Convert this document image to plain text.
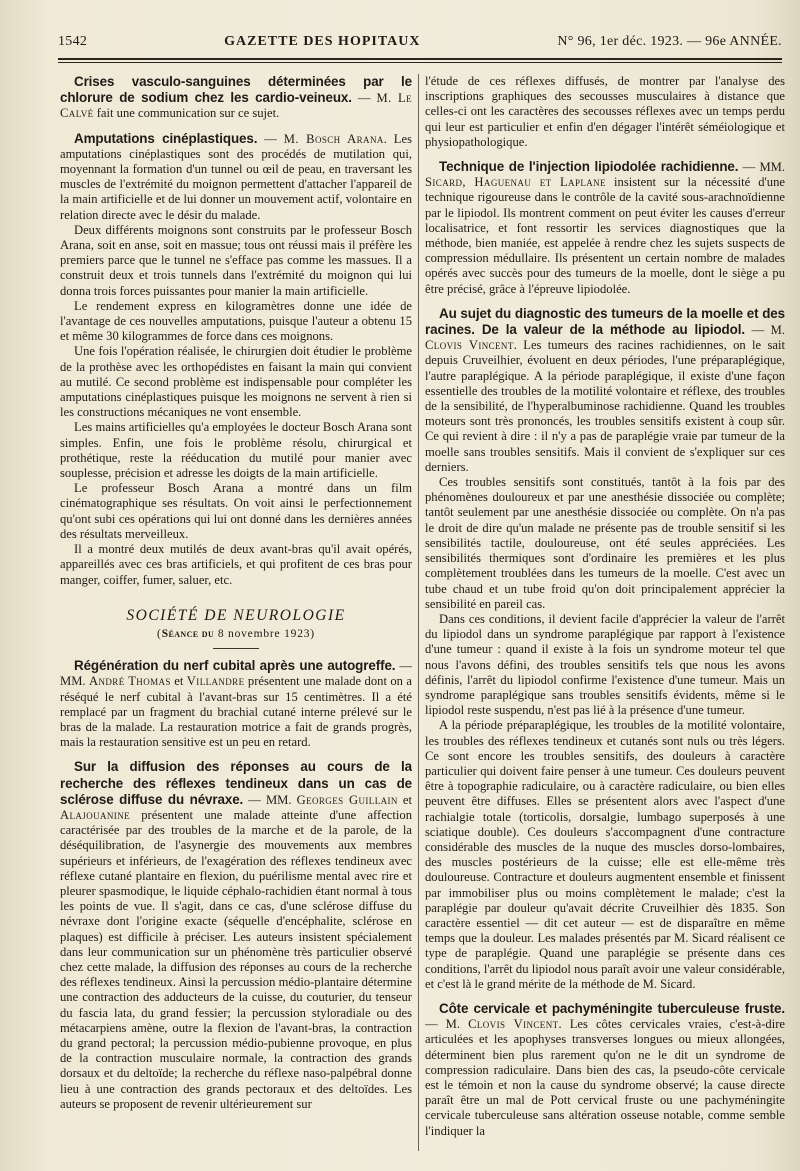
1542	GAZETTE DES HOPITAUX	N° 96, 1er déc. 1923. — 96e ANNÉE.

Crises vasculo-sanguines déterminées par le chlorure de sodium chez les cardio-veineux. — M. Le Calvé fait une communication sur ce sujet.

Amputations cinéplastiques. — M. Bosch Arana. Les amputations cinéplastiques sont des procédés de mutilation qui, moyennant la formation d'un tunnel ou œil de peau, en traversant les muscles de l'extrémité du moignon permettent d'attacher l'appareil de la main artificielle et de lui donner un mouvement actif, volontaire en relation directe avec le désir du malade.

Deux différents moignons sont construits par le professeur Bosch Arana, soit en anse, soit en massue; tous ont réussi mais il préfère les premiers parce que le tunnel ne s'efface pas comme les massues. Il a construit deux et trois tunnels dans l'extrémité du moignon qui lui donna trois forces puissantes pour manier la main artificielle.

Le rendement express en kilogramètres donne une idée de l'avantage de ces nouvelles amputations, puisque l'auteur a obtenu 15 et même 30 kilogrammes de force dans ces moignons.

Une fois l'opération réalisée, le chirurgien doit étudier le problème de la prothèse avec les orthopédistes en faisant la main qui convient au mutilé. Ce second problème est indispensable pour compléter les amputations cinéplastiques puisque les moignons ne servent à rien si les constructions mécaniques ne vont ensemble.

Les mains artificielles qu'a employées le docteur Bosch Arana sont simples. Enfin, une fois le problème résolu, chirurgical et prothétique, reste la rééducation du mutilé pour manier avec souplesse, précision et adresse les doigts de la main artificielle.

Le professeur Bosch Arana a montré dans un film cinématographique ses résultats. On voit ainsi le perfectionnement qu'ont subi ces opérations qui lui ont donné dans les dernières années des résultats merveilleux.

Il a montré deux mutilés de deux avant-bras qu'il avait opérés, appareillés avec ces bras artificiels, et qui profitent de ces bras pour manger, coiffer, fumer, saluer, etc.

SOCIÉTÉ DE NEUROLOGIE
(Séance du 8 novembre 1923)

Régénération du nerf cubital après une autogreffe. — MM. André Thomas et Villandre présentent une malade dont on a réséqué le nerf cubital à l'avant-bras sur 15 centimètres. Il a été remplacé par un fragment du brachial cutané interne prélevé sur le bras de la malade. La restauration motrice a fait de grands progrès, mais la restauration sensitive est un peu en retard.

Sur la diffusion des réponses au cours de la recherche des réflexes tendineux dans un cas de sclérose diffuse du névraxe. — MM. Georges Guillain et Alajouanine présentent une malade atteinte d'une affection caractérisée par des troubles de la marche et de la parole, de la déséquilibration, de l'asynergie des mouvements aux membres supérieurs et inférieurs, de l'exagération des réflexes tendineux avec réflexe cutané plantaire en flexion, du puérilisme mental avec rire et pleurer spasmodique, le liquide céphalo-rachidien étant normal à tous les points de vue. Il s'agit, dans ce cas, d'une sclérose diffuse du névraxe dont l'origine exacte (séquelle d'encéphalite, sclérose en plaques) est difficile à préciser. Les auteurs insistent spécialement dans leur communication sur un phénomène très particulier observé chez cette malade, la diffusion des réponses au cours de la recherche des réflexes tendineux. Ainsi la percussion médio-plantaire détermine une contraction des adducteurs de la cuisse, du couturier, du tenseur du fascia lata, du grand fessier; la percussion styloradiale ou des métacarpiens amène, outre la flexion de l'avant-bras, la contraction du grand pectoral; la percussion médio-pubienne provoque, en plus de la contraction musculaire normale, la contraction des grands dorsaux et du deltoïde; la recherche du réflexe naso-palpébral donne lieu à une contraction des grands pectoraux et des deltoïdes. Les auteurs se proposent de revenir ultérieurement sur

l'étude de ces réflexes diffusés, de montrer par l'analyse des inscriptions graphiques des secousses musculaires à distance que celles-ci ont les caractères des secousses réflexes avec un temps perdu qui leur est particulier et enfin d'en dégager l'intérêt séméiologique et physiopathologique.

Technique de l'injection lipiodolée rachidienne. — MM. Sicard, Haguenau et Laplane insistent sur la nécessité d'une technique rigoureuse dans le contrôle de la cavité sous-arachnoïdienne par le lipiodol. Ils montrent comment on peut éviter les causes d'erreur localisatrice, et font ressortir les services diagnostiques que la méthode, bien maniée, est appelée à rendre chez les sujets suspects de compression médullaire. Ils présentent un certain nombre de malades opérés avec succès pour des tumeurs de la moelle, dont le siège a pu être précisé, grâce à l'épreuve lipiodolée.

Au sujet du diagnostic des tumeurs de la moelle et des racines. De la valeur de la méthode au lipiodol. — M. Clovis Vincent. Les tumeurs des racines rachidiennes, on le sait depuis Cruveilhier, évoluent en deux périodes, l'une préparaplégique, l'autre paraplégique. A la période paraplégique, il existe d'une façon essentielle des troubles de la motilité volontaire et réflexe, des troubles de la sensibilité, de l'hyperalbuminose rachidienne. Quand les troubles moteurs sont très prononcés, les troubles sensitifs existent à coup sûr. Ce qui revient à dire : il n'y a pas de paraplégie vraie par tumeur de la moelle sans troubles sensitifs. Mais il convient de s'expliquer sur ces derniers.

Ces troubles sensitifs sont constitués, tantôt à la fois par des phénomènes douloureux et par une anesthésie dissociée ou complète; tantôt seulement par une anesthésie dissociée ou complète. On n'a pas le droit de dire qu'un malade ne présente pas de trouble sensitif si les sensibilités tactile, douloureuse, ont été seules appréciées. Les sensibilités thermiques sont d'ordinaire les premières et les plus complètement troublées dans les tumeurs de la moelle. C'est avec un tube chaud et un tube froid qu'on doit principalement apprécier la sensibilité en pareil cas.

Dans ces conditions, il devient facile d'apprécier la valeur de l'arrêt du lipiodol dans un syndrome paraplégique par rapport à l'existence d'une tumeur : quand il existe à la fois un syndrome moteur tel que nous l'avons défini, des troubles sensitifs tels que nous les avons définis, l'arrêt du lipiodol confirme l'existence d'une tumeur. Mais un syndrome paraplégique sans troubles sensitifs évidents, même si le lipiodol reste suspendu, n'est pas lié à la présence d'une tumeur.

A la période préparaplégique, les troubles de la motilité volontaire, les troubles des réflexes tendineux et cutanés sont nuls ou très légers. Ce sont encore les troubles sensitifs, des douleurs à caractère particulier qui doivent faire penser à une tumeur. Ces douleurs peuvent être à topographie radiculaire, ou à caractère radiculaire, ou bien elles peuvent être diffuses. Elles se présentent alors avec l'aspect d'une rachialgie totale (torticolis, dorsalgie, lumbago superposés à une sciatique double). Ces douleurs s'accompagnent d'une contracture considérable des muscles de la nuque des muscles dorso-lombaires, des muscles postérieurs de la cuisse; elle est elle-même très douloureuse. Contracture et douleurs augmentent ensemble et finissent par immobiliser plus ou moins complètement le malade; c'est la paraplégie par douleur qu'avait décrite Cruveilhier dès 1835. Son caractère essentiel — dit cet auteur — est de disparaître en même temps que la douleur. Les malades présentés par M. Sicard réalisent ce type de paraplégie. Quand une paraplégie se présente dans ces conditions, l'arrêt du lipiodol nous paraît avoir une valeur considérable, et c'est là le grand mérite de la méthode de M. Sicard.

Côte cervicale et pachyméningite tuberculeuse fruste. — M. Clovis Vincent. Les côtes cervicales vraies, c'est-à-dire articulées et les apophyses transverses longues ou mieux allongées, déterminent bien plus rarement qu'on ne le dit un syndrome de compression radiculaire. Dans bien des cas, la pseudo-côte cervicale est le témoin et non la cause du syndrome observé; la cause directe paraît être un mal de Pott cervical fruste ou une pachyméningite cervicale tuberculeuse sans altération osseuse notable, comme semble l'indiquer la
